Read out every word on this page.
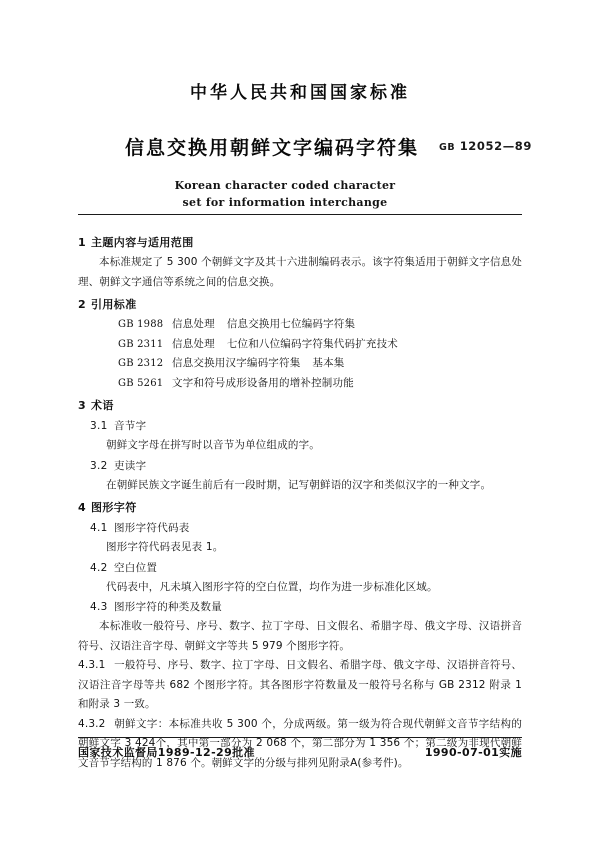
中华人民共和国国家标准
信息交换用朝鲜文字编码字符集	GB 12052—89
Korean character coded character
set for information interchange
1 主题内容与适用范围
本标准规定了 5 300 个朝鲜文字及其十六进制编码表示。该字符集适用于朝鲜文字信息处理、朝鲜文字通信等系统之间的信息交换。
2 引用标准
GB 1988 信息处理 信息交换用七位编码字符集
GB 2311 信息处理 七位和八位编码字符集代码扩充技术
GB 2312 信息交换用汉字编码字符集 基本集
GB 5261 文字和符号成形设备用的增补控制功能
3 术语
3.1 音节字
朝鲜文字母在拼写时以音节为单位组成的字。
3.2 吏读字
在朝鲜民族文字诞生前后有一段时期，记写朝鲜语的汉字和类似汉字的一种文字。
4 图形字符
4.1 图形字符代码表
图形字符代码表见表 1。
4.2 空白位置
代码表中，凡未填入图形字符的空白位置，均作为进一步标准化区域。
4.3 图形字符的种类及数量
本标准收一般符号、序号、数字、拉丁字母、日文假名、希腊字母、俄文字母、汉语拼音符号、汉语注音字母、朝鲜文字等共 5 979 个图形字符。
4.3.1 一般符号、序号、数字、拉丁字母、日文假名、希腊字母、俄文字母、汉语拼音符号、汉语注音字母等共 682 个图形字符。其各图形字符数量及一般符号名称与 GB 2312 附录 1 和附录 3 一致。
4.3.2 朝鲜文字：本标准共收 5 300 个，分成两级。第一级为符合现代朝鲜文音节字结构的朝鲜文字 3 424个，其中第一部分为 2 068 个，第二部分为 1 356 个；第二级为非现代朝鲜文音节字结构的 1 876 个。朝鲜文字的分级与排列见附录A(参考件)。
国家技术监督局1989-12-29批准	1990-07-01实施
